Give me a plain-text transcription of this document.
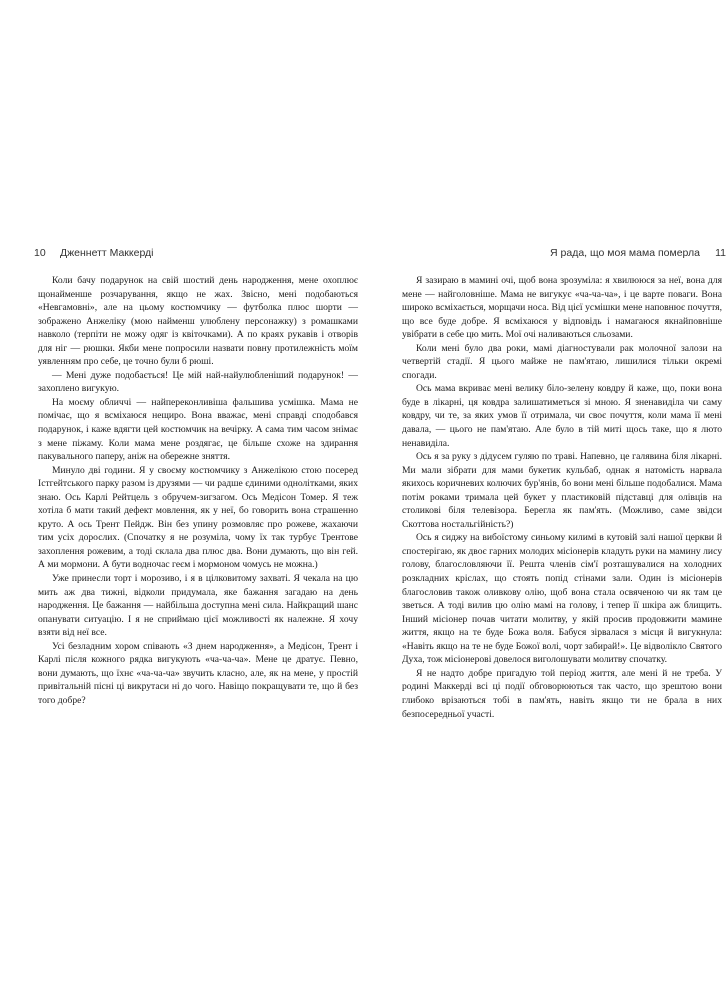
10 Дженнетт Маккерді

Коли бачу подарунок на свій шостий день народження, мене охоплює щонайменше розчарування, якщо не жах. Звісно, мені подобаються «Невгамовні», але на цьому костюмчику — футболка плюс шорти — зображено Анжеліку (мою найменш улюблену персонажку) з ромашками навколо (терпіти не можу одяг із квіточками). А по краях рукавів і отворів для ніг — рюшки. Якби мене попросили назвати повну протилежність моїм уявленням про себе, це точно були б рюші.

— Мені дуже подобається! Це мій най-найулюбленіший подарунок! — захоплено вигукую.

На моєму обличчі — найпереконливіша фальшива усмішка. Мама не помічає, що я всміхаюся нещиро. Вона вважає, мені справді сподобався подарунок, і каже вдягти цей костюмчик на вечірку. А сама тим часом знімає з мене піжаму. Коли мама мене роздягає, це більше схоже на здирання пакувального паперу, аніж на обережне зняття.

Минуло дві години. Я у своєму костюмчику з Анжелікою стою посеред Істгейтського парку разом із друзями — чи радше єдиними однолітками, яких знаю. Ось Карлі Рейтцель з обручем-зигзагом. Ось Медісон Томер. Я теж хотіла б мати такий дефект мовлення, як у неї, бо говорить вона страшенно круто. А ось Трент Пейдж. Він без упину розмовляє про рожеве, жахаючи тим усіх дорослих. (Спочатку я не розуміла, чому їх так турбує Трентове захоплення рожевим, а тоді склала два плюс два. Вони думають, що він гей. А ми мормони. А бути водночас геєм і мормоном чомусь не можна.)

Уже принесли торт і морозиво, і я в цілковитому захваті. Я чекала на цю мить аж два тижні, відколи придумала, яке бажання загадаю на день народження. Це бажання — найбільша доступна мені сила. Найкращий шанс опанувати ситуацію. І я не сприймаю цієї можливості як належне. Я хочу взяти від неї все.

Усі безладним хором співають «З днем народження», а Медісон, Трент і Карлі після кожного рядка вигукують «ча-ча-ча». Мене це дратує. Певно, вони думають, що їхнє «ча-ча-ча» звучить класно, але, як на мене, у простій привітальній пісні ці викрутаси ні до чого. Навіщо покращувати те, що й без того добре?

Я рада, що моя мама померла 11

Я зазираю в мамині очі, щоб вона зрозуміла: я хвилююся за неї, вона для мене — найголовніше. Мама не вигукує «ча-ча-ча», і це варте поваги. Вона широко всміхається, морщачи носа. Від цієї усмішки мене наповнює почуття, що все буде добре. Я всміхаюся у відповідь і намагаюся якнайповніше увібрати в себе цю мить. Мої очі наливаються сльозами.

Коли мені було два роки, мамі діагностували рак молочної залози на четвертій стадії. Я цього майже не пам'ятаю, лишилися тільки окремі спогади.

Ось мама вкриває мені велику біло-зелену ковдру й каже, що, поки вона буде в лікарні, ця ковдра залишатиметься зі мною. Я зненавиділа чи саму ковдру, чи те, за яких умов її отримала, чи своє почуття, коли мама її мені давала, — цього не пам'ятаю. Але було в тій миті щось таке, що я люто ненавиділа.

Ось я за руку з дідусем гуляю по траві. Напевно, це галявина біля лікарні. Ми мали зібрати для мами букетик кульбаб, однак я натомість нарвала якихось коричневих колючих бур'янів, бо вони мені більше подобалися. Мама потім роками тримала цей букет у пластиковій підставці для олівців на столикові біля телевізора. Берегла як пам'ять. (Можливо, саме звідси Скоттова ностальгійність?)

Ось я сиджу на вибоїстому синьому килимі в кутовій залі нашої церкви й спостерігаю, як двоє гарних молодих місіонерів кладуть руки на мамину лису голову, благословляючи її. Решта членів сім'ї розташувалися на холодних розкладних кріслах, що стоять попід стінами зали. Один із місіонерів благословив також оливкову олію, щоб вона стала освяченою чи як там це зветься. А тоді вилив цю олію мамі на голову, і тепер її шкіра аж блищить. Інший місіонер почав читати молитву, у якій просив продовжити мамине життя, якщо на те буде Божа воля. Бабуся зірвалася з місця й вигукнула: «Навіть якщо на те не буде Божої волі, чорт забирай!». Це відволікло Святого Духа, тож місіонерові довелося виголошувати молитву спочатку.

Я не надто добре пригадую той період життя, але мені й не треба. У родині Маккерді всі ці події обговорюються так часто, що зрештою вони глибоко врізаються тобі в пам'ять, навіть якщо ти не брала в них безпосередньої участі.
